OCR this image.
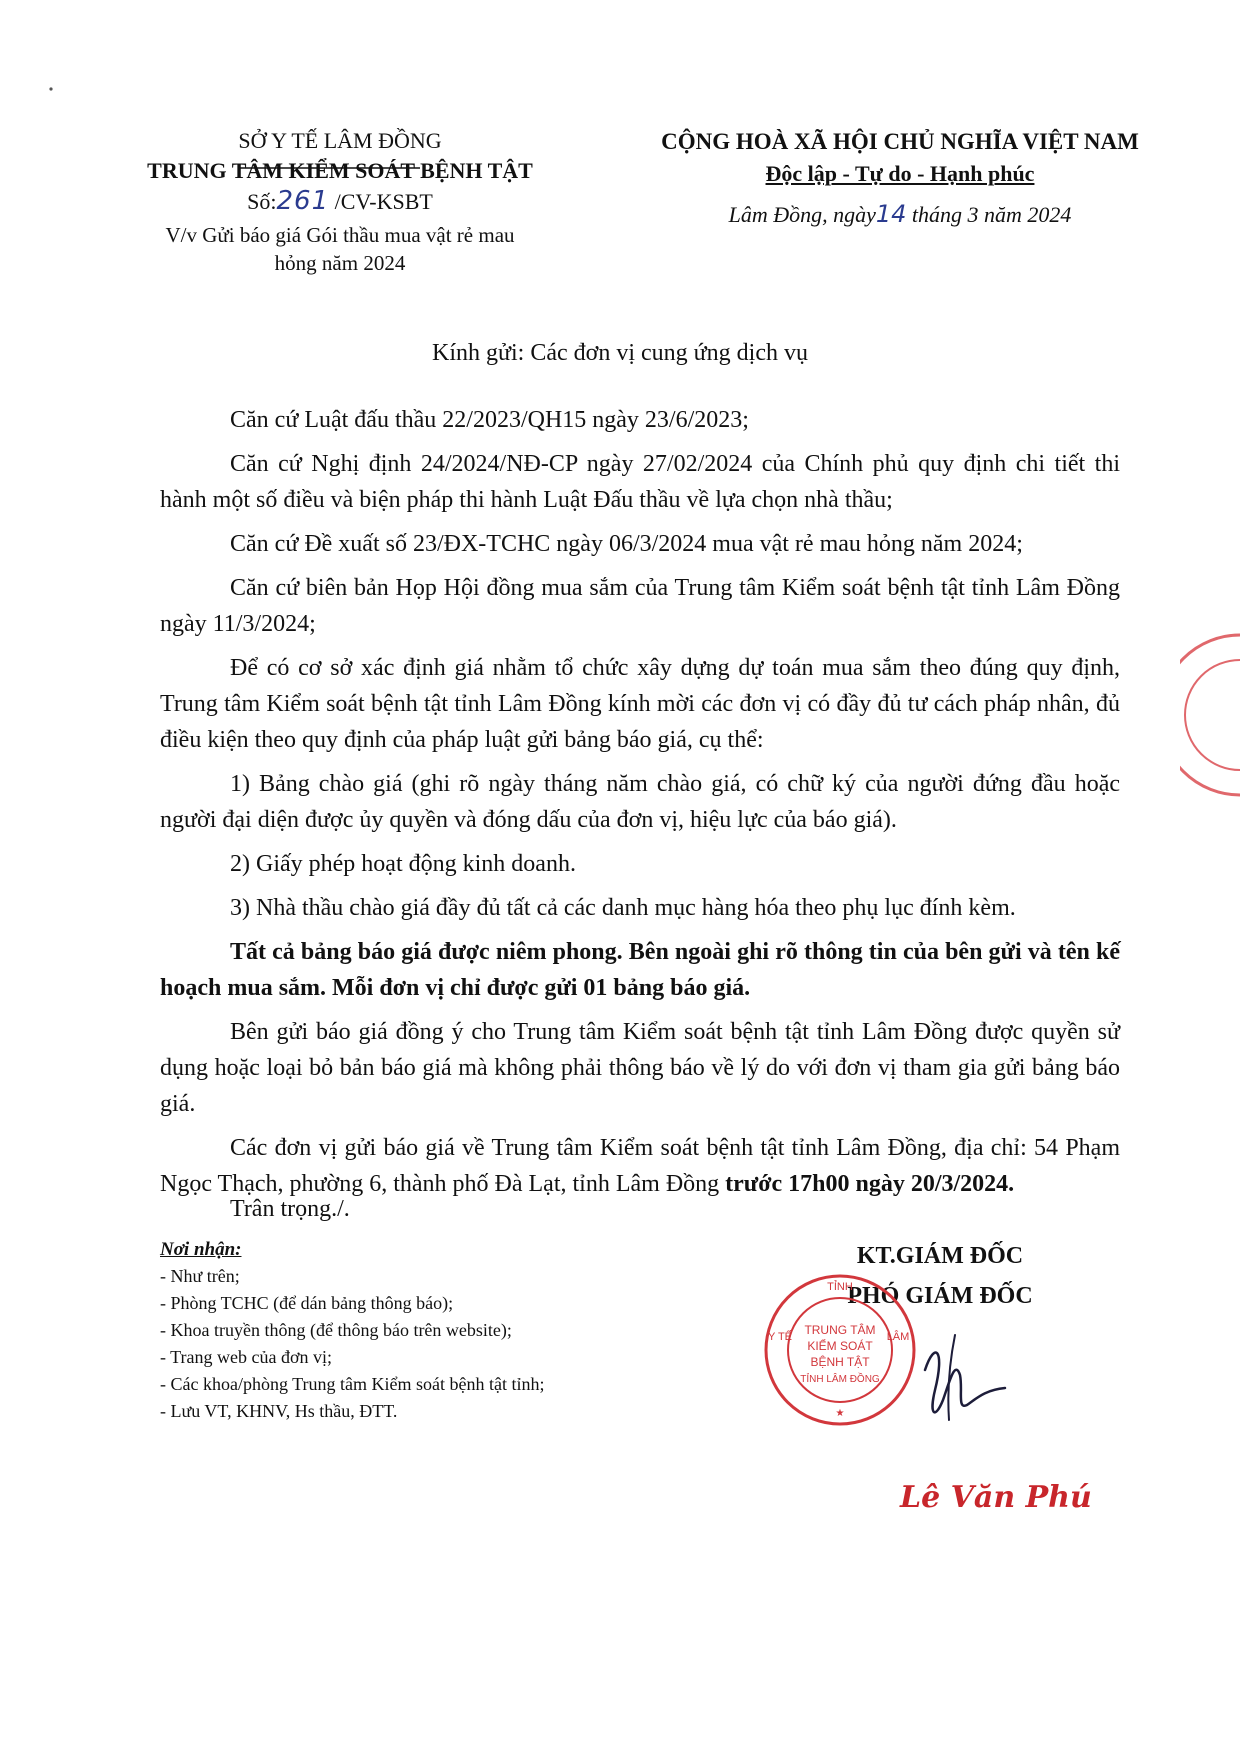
SỞ Y TẾ LÂM ĐỒNG
TRUNG TÂM KIỂM SOÁT BỆNH TẬT
Số:261 /CV-KSBT
V/v Gửi báo giá Gói thầu mua vật rẻ mau
hỏng năm 2024
CỘNG HOÀ XÃ HỘI CHỦ NGHĨA VIỆT NAM
Độc lập - Tự do - Hạnh phúc
Lâm Đồng, ngày14 tháng 3 năm 2024
Kính gửi: Các đơn vị cung ứng dịch vụ

Căn cứ Luật đấu thầu 22/2023/QH15 ngày 23/6/2023;

Căn cứ Nghị định 24/2024/NĐ-CP ngày 27/02/2024 của Chính phủ quy định chi tiết thi hành một số điều và biện pháp thi hành Luật Đấu thầu về lựa chọn nhà thầu;

Căn cứ Đề xuất số 23/ĐX-TCHC ngày 06/3/2024 mua vật rẻ mau hỏng năm 2024;

Căn cứ biên bản Họp Hội đồng mua sắm của Trung tâm Kiểm soát bệnh tật tỉnh Lâm Đồng ngày 11/3/2024;

Để có cơ sở xác định giá nhằm tổ chức xây dựng dự toán mua sắm theo đúng quy định, Trung tâm Kiểm soát bệnh tật tỉnh Lâm Đồng kính mời các đơn vị có đầy đủ tư cách pháp nhân, đủ điều kiện theo quy định của pháp luật gửi bảng báo giá, cụ thể:

1) Bảng chào giá (ghi rõ ngày tháng năm chào giá, có chữ ký của người đứng đầu hoặc người đại diện được ủy quyền và đóng dấu của đơn vị, hiệu lực của báo giá).

2) Giấy phép hoạt động kinh doanh.

3) Nhà thầu chào giá đầy đủ tất cả các danh mục hàng hóa theo phụ lục đính kèm.

Tất cả bảng báo giá được niêm phong. Bên ngoài ghi rõ thông tin của bên gửi và tên kế hoạch mua sắm. Mỗi đơn vị chỉ được gửi 01 bảng báo giá.

Bên gửi báo giá đồng ý cho Trung tâm Kiểm soát bệnh tật tỉnh Lâm Đồng được quyền sử dụng hoặc loại bỏ bản báo giá mà không phải thông báo về lý do với đơn vị tham gia gửi bảng báo giá.

Các đơn vị gửi báo giá về Trung tâm Kiểm soát bệnh tật tỉnh Lâm Đồng, địa chỉ: 54 Phạm Ngọc Thạch, phường 6, thành phố Đà Lạt, tỉnh Lâm Đồng trước 17h00 ngày 20/3/2024.

Trân trọng./.
Nơi nhận:
- Như trên;
- Phòng TCHC (để dán bảng thông báo);
- Khoa truyền thông (để thông báo trên website);
- Trang web của đơn vị;
- Các khoa/phòng Trung tâm Kiểm soát bệnh tật tỉnh;
- Lưu VT, KHNV, Hs thầu, ĐTT.
KT.GIÁM ĐỐC
PHÓ GIÁM ĐỐC
TỈNH
Y TẾ	LÂM
TRUNG TÂM
KIỂM SOÁT
BỆNH TẬT
TỈNH LÂM ĐỒNG
★
Lê Văn Phú
